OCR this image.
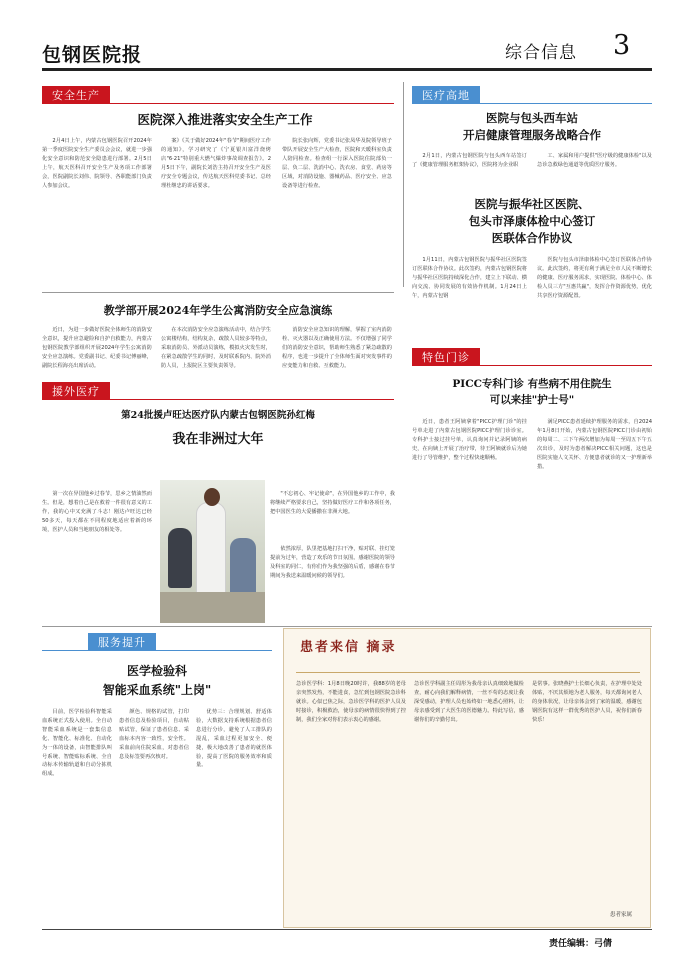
包钢医院报	综合信息 3
安全生产
医院深入推进落实安全生产工作
2月4日上午，内蒙古包钢医院召开2024年第一季度医院安全生产委员会会议，就进一步强化安全意识和防范安全隐患进行部署。2月5日上午，航天医科召开安全生产及务项工作部署会，医院副院长刘伟、院领导、各职能部门负责人参加会议。
案》《关于做好2024年"春节"期间医疗工作的通知》，学习研究了《宁夏银川富洋烧烤店"6·21"特别重大燃气爆炸事故调查报告》。2月5日下午，副院长刘浩主持召开安全生产及医疗安全专题会议，传达航天医科党委书记、总经理杜继忠的讲话要求。
院长张向辉，党委书记张凤华及院领导班子带队开展安全生产大检查，医院和天暖科室负责人陪同检查。检查组一行深入医院住院部负一层、负二层、洗消中心、洗衣房、食堂、药房等区域，对消防设施、器械药品、医疗安全、应急设备等进行检查。
医疗高地
医院与包头西车站
开启健康管理服务战略合作
2月1日，内蒙古包钢医院与包头西车站签订了《健康管理服务框架协议》，医院将为企业职
工、家属和用户提供"医疗级的健康体检"以及急诊急救绿色通道等优质医疗服务。
医院与振华社区医院、
包头市泽康体检中心签订
医联体合作协议
1月11日，内蒙古包钢医院与振华社区医院签订医联体合作协议。此次签约，内蒙古包钢医院将与振华社区医院持续深化合作，建立上下联动、横向交流、协同发展的有效协作机制。1月24日上午，内蒙古包钢
医院与包头市泽康体检中心签订医联体合作协议。此次签约，将更有利于满足全市人民不断增长的健康、医疗服务需求，实现医院、体检中心、体检人员三方"互惠共赢"，发挥合作资源优势，优化共享医疗资源配置。
教学部开展2024年学生公寓消防安全应急演练
近日，为进一步做好医院全体师生的消防安全意识，提升应急避险和自护自救能力，内蒙古包钢医院教学部组织开展2024年学生公寓消防安全应急演练。党委副书记、纪委书记傅丽峰，副院长程海亮出席活动。
在本次消防安全应急演练活动中，结合学生公寓楼结构，结构复杂，疏散人员较多等特点，采取消防员、外派动员演练，模拟火灾发生时，在紧急疏散学生的同时，及时联系院内、院外消防人员，上报院区主要负责领导。
消防安全应急知识的理解，掌握了室内消防栓、灭火器以及正确使用方法。不仅增强了同学们的消防安全意识，帮助师生熟悉了紧急疏散的程序，也进一步提升了全体师生面对突发事件的应变能力和自救、互救能力。
特色门诊
援外医疗
第24批援卢旺达医疗队内蒙古包钢医院孙红梅
我在非洲过大年
第一次在异国他乡过春节，思乡之情油然而生。但是，想着自己是在救着一件很有意义的工作，我的心中又充满了斗志！刚达卢旺达已经50多天，每天都在不同程度地适应着新的环境，医护人员和当地朋友的相处等。
"不忘初心、牢记使命"，在异国他乡的工作中，我将继续严格要求自己，坚持做好医疗工作和各项任务，把中国医生的大爱播撒在非洲大地。
依然浓厚，队里把基地打扫干净，贴对联、挂灯笼提前为过年，营造了欢乐的节日氛围。感谢医院的领导及科室的同仁，有你们作为我坚强的后盾，感谢在春节期间为我送来温暖问候的领导们。
PICC专科门诊 有些病不用住院生
可以来挂"护士号"
近日，患者王阿姨拿着"PICC护理门诊"的挂号单走进了内蒙古包钢医院PICC护理门诊诊室。专科护士接过挂号单，认真询问并记录阿姨的病史，在向姨上开展了治疗带，待王阿姨就诊后为她进行了导管维护，整个过程快速顺畅。
满足PICC患者延续护理服务的需求，自2024年1月8日开始，内蒙古包钢医院PICC门诊由初始的每周二、三下午两次增加为每周一至周五下午五次出诊，及时为患者解决PICC相关问题，这也是医院实施人文关怀、方便患者就诊的又一护理新举措。
服务提升
医学检验科
智能采血系统"上岗"
目前，医学检验科智能采血系统正式投入使用。全自动智能采血系统是一套集信息化、智能化、标准化、自动化为一体的设备，由智能排队叫号系统、智能贴标系统、全自动标本传输轨道和自动分拣机组成。
颜色、规格的试管，打印患者信息及检验项目，自动粘贴试管，保证了患者信息、采血标本内容一致性，安全性。采血前向住院采血，对患者信息及标签要再次核对。
优势三：合理规划、舒适体验，大数据支持系统根据患者信息进行分诊，避免了人工排队的混乱，采血过程更加安全、便捷，极大地改善了患者的就医体验，提高了医院的服务效率和质量。
患者来信 摘录
急诊医学科：1月8日晚20时许，我88岁的老母亲突然发热，不能进食，急忙到包钢医院急诊科就诊。心似已焦之际，急诊医学科的医护人员及时接诊，积极救治，使母亲的病情很快得到了控制，我们全家对你们表示衷心的感谢。
急诊医学科副主任周彤为我母亲认真细致地做检查，耐心向我们解释病情，一丝不苟的态度让我深受感动，护理人员也始终如一地悉心照料，让母亲感受到了大医生的医德魅力。特此写信，感谢你们的辛勤付出。
是常事。张晓燕护士长细心负责，在护理中处处体贴，不厌其烦地为老人服务，每天都询问老人的身体状况，让母亲体会到了家的温暖，感谢包钢医院有这样一群优秀的医护人员，祝你们新春快乐！
患者家属
责任编辑：弓倩
